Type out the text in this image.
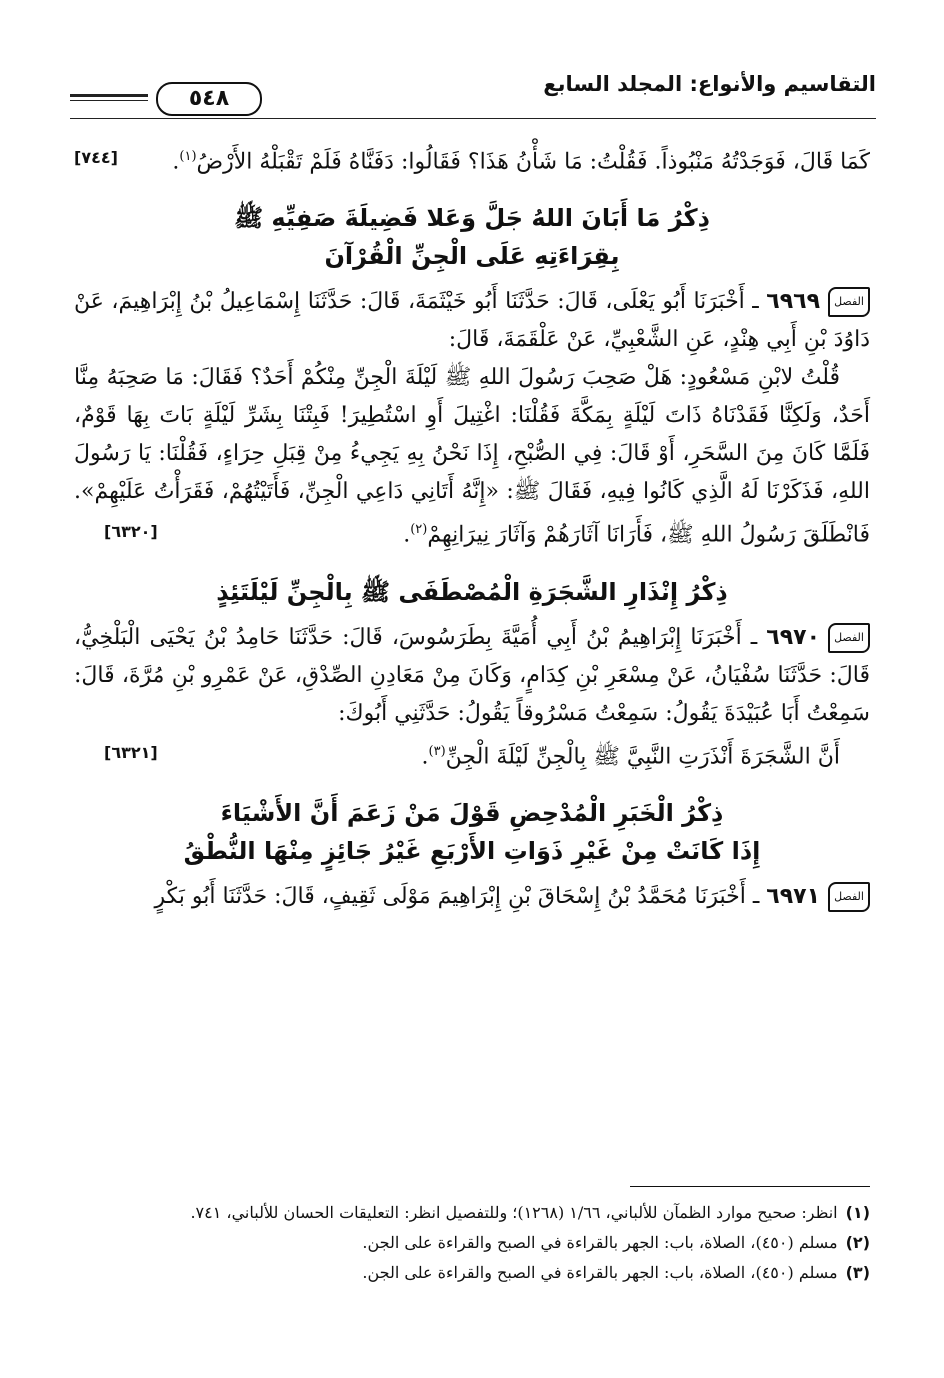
التقاسيم والأنواع: المجلد السابع
٥٤٨

كَمَا قَالَ، فَوَجَدْتُهُ مَنْبُوذاً. فَقُلْتُ: مَا شَأْنُ هَذَا؟ فَقَالُوا: دَفَنَّاهُ فَلَمْ تَقْبَلْهُ الأَرْضُ$^{(١)}$.
[٧٤٤]

ذِكْرُ مَا أَبَانَ اللهُ جَلَّ وَعَلا فَضِيلَةَ صَفِيِّهِ ﷺ
بِقِرَاءَتِهِ عَلَى الْجِنِّ الْقُرْآنَ

الفصل٦٩٦٩ ـ أَخْبَرَنَا أَبُو يَعْلَى، قَالَ: حَدَّثَنَا أَبُو خَيْثَمَةَ، قَالَ: حَدَّثَنَا إِسْمَاعِيلُ بْنُ إِبْرَاهِيمَ، عَنْ دَاوُدَ بْنِ أَبِي هِنْدٍ، عَنِ الشَّعْبِيِّ، عَنْ عَلْقَمَةَ، قَالَ:

قُلْتُ لابْنِ مَسْعُودٍ: هَلْ صَحِبَ رَسُولَ اللهِ ﷺ لَيْلَةَ الْجِنِّ مِنْكُمْ أَحَدٌ؟ فَقَالَ: مَا صَحِبَهُ مِنَّا أَحَدٌ، وَلَكِنَّا فَقَدْنَاهُ ذَاتَ لَيْلَةٍ بِمَكَّةَ فَقُلْنَا: اغْتِيلَ أَوِ اسْتُطِيرَ! فَبِتْنَا بِشَرِّ لَيْلَةٍ بَاتَ بِهَا قَوْمٌ، فَلَمَّا كَانَ مِنَ السَّحَرِ، أَوْ قَالَ: فِي الصُّبْحِ، إِذَا نَحْنُ بِهِ يَجِيءُ مِنْ قِبَلِ حِرَاءٍ، فَقُلْنَا: يَا رَسُولَ اللهِ، فَذَكَرْنَا لَهُ الَّذِي كَانُوا فِيهِ، فَقَالَ ﷺ: «إِنَّهُ أَتَانِي دَاعِي الْجِنِّ، فَأَتَيْتُهُمْ، فَقَرَأْتُ عَلَيْهِمْ». فَانْطَلَقَ رَسُولُ اللهِ ﷺ، فَأَرَانَا آثَارَهُمْ وَآثَارَ نِيرَانِهِمْ$^{(٢)}$.
[٦٣٢٠]

ذِكْرُ إِنْذَارِ الشَّجَرَةِ الْمُصْطَفَى ﷺ بِالْجِنِّ لَيْلَتَئِذٍ

الفصل٦٩٧٠ ـ أَخْبَرَنَا إِبْرَاهِيمُ بْنُ أَبِي أُمَيَّةَ بِطَرَسُوسَ، قَالَ: حَدَّثَنَا حَامِدُ بْنُ يَحْيَى الْبَلْخِيُّ، قَالَ: حَدَّثَنَا سُفْيَانُ، عَنْ مِسْعَرِ بْنِ كِدَامٍ، وَكَانَ مِنْ مَعَادِنِ الصِّدْقِ، عَنْ عَمْرِو بْنِ مُرَّةَ، قَالَ: سَمِعْتُ أَبَا عُبَيْدَةَ يَقُولُ: سَمِعْتُ مَسْرُوقاً يَقُولُ: حَدَّثَنِي أَبُوكَ:

أَنَّ الشَّجَرَةَ أَنْذَرَتِ النَّبِيَّ ﷺ بِالْجِنِّ لَيْلَةَ الْجِنِّ$^{(٣)}$.
[٦٣٢١]

ذِكْرُ الْخَبَرِ الْمُدْحِضِ قَوْلَ مَنْ زَعَمَ أَنَّ الأَشْيَاءَ
إِذَا كَانَتْ مِنْ غَيْرِ ذَوَاتِ الأَرْبَعِ غَيْرُ جَائِزٍ مِنْهَا النُّطْقُ

الفصل٦٩٧١ ـ أَخْبَرَنَا مُحَمَّدُ بْنُ إِسْحَاقَ بْنِ إِبْرَاهِيمَ مَوْلَى ثَقِيفٍ، قَالَ: حَدَّثَنَا أَبُو بَكْرٍ

(١)انظر: صحيح موارد الظمآن للألباني، ١/٦٦ (١٢٦٨)؛ وللتفصيل انظر: التعليقات الحسان للألباني، ٧٤١.
(٢)مسلم (٤٥٠)، الصلاة، باب: الجهر بالقراءة في الصبح والقراءة على الجن.
(٣)مسلم (٤٥٠)، الصلاة، باب: الجهر بالقراءة في الصبح والقراءة على الجن.
